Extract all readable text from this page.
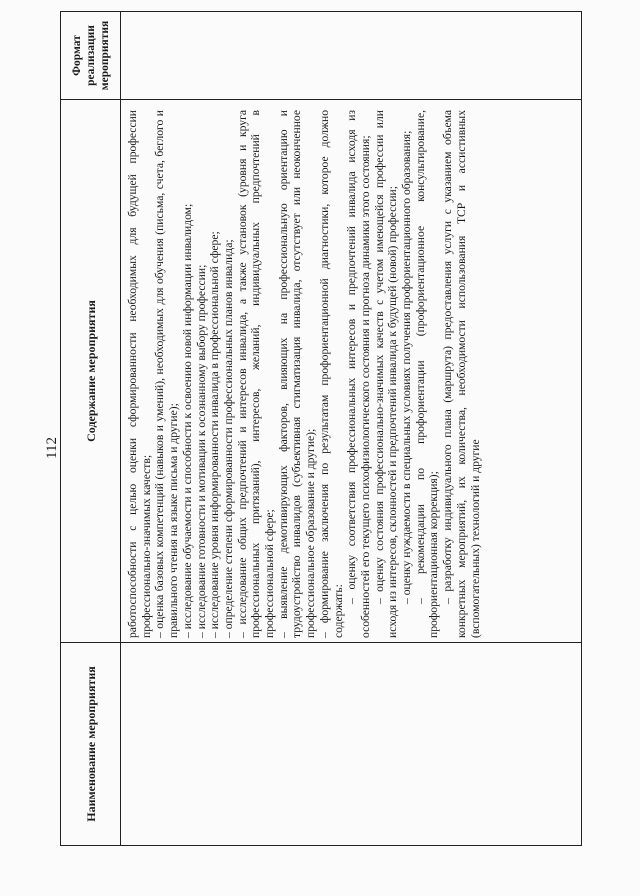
112
Наименование мероприятия
Содержание мероприятия
Формат реализации мероприятия

работоспособности с целью оценки сформированности необходимых для будущей профессии профессионально-значимых качеств; – оценка базовых компетенций (навыков и умений), необходимых для обучения (письма, счета, беглого и правильного чтения на языке письма и другие); – исследование обучаемости и способности к освоению новой информации инвалидом; – исследование готовности и мотивации к осознанному выбору профессии; – исследование уровня информированности инвалида в профессиональной сфере; – определение степени сформированности профессиональных планов инвалида; – исследование общих предпочтений и интересов инвалида, а также установок (уровня и круга профессиональных притязаний), интересов, желаний, индивидуальных предпочтений в профессиональной сфере; – выявление демотивирующих факторов, влияющих на профессиональную ориентацию и трудоустройство инвалидов (субъективная стигматизация инвалида, отсутствует или неоконченное профессиональное образование и другие); – формирование заключения по результатам профориентационной диагностики, которое должно содержать:

– оценку соответствия профессиональных интересов и предпочтений инвалида исходя из особенностей его текущего психофизиологического состояния и прогноза динамики этого состояния; – оценку состояния профессионально-значимых качеств с учетом имеющейся профессии или исходя из интересов, склонностей и предпочтений инвалида к будущей (новой) профессии; – оценку нуждаемости в специальных условиях получения профориентационного образования; – рекомендации по профориентации (профориентационное консультирование, профориентационная коррекция); – разработку индивидуального плана (маршрута) предоставления услуги с указанием объема конкретных мероприятий, их количества, необходимости использования ТСР и ассистивных (вспомогательных) технологий и другие
